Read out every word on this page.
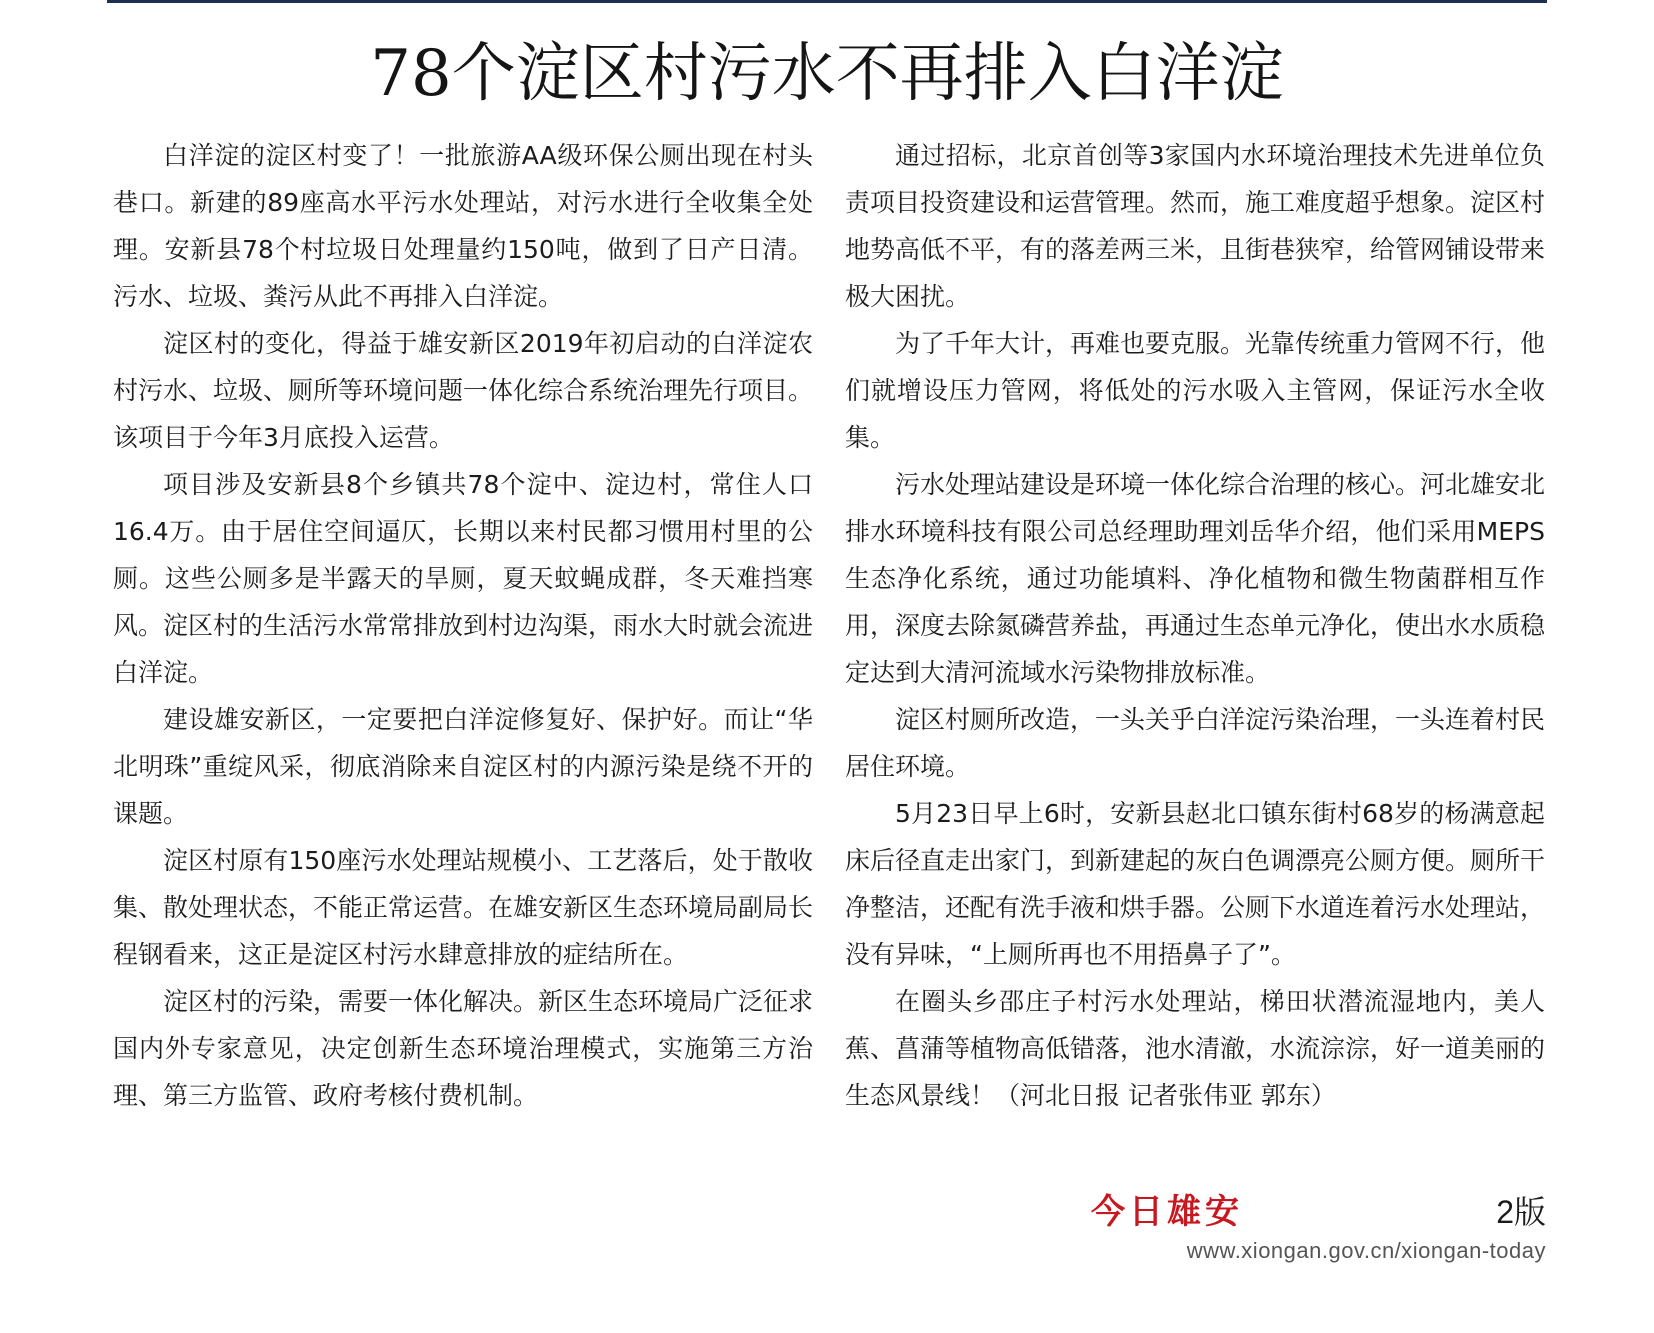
78个淀区村污水不再排入白洋淀

白洋淀的淀区村变了！一批旅游AA级环保公厕出现在村头巷口。新建的89座高水平污水处理站，对污水进行全收集全处理。安新县78个村垃圾日处理量约150吨，做到了日产日清。污水、垃圾、粪污从此不再排入白洋淀。

淀区村的变化，得益于雄安新区2019年初启动的白洋淀农村污水、垃圾、厕所等环境问题一体化综合系统治理先行项目。该项目于今年3月底投入运营。

项目涉及安新县8个乡镇共78个淀中、淀边村，常住人口16.4万。由于居住空间逼仄，长期以来村民都习惯用村里的公厕。这些公厕多是半露天的旱厕，夏天蚊蝇成群，冬天难挡寒风。淀区村的生活污水常常排放到村边沟渠，雨水大时就会流进白洋淀。

建设雄安新区，一定要把白洋淀修复好、保护好。而让“华北明珠”重绽风采，彻底消除来自淀区村的内源污染是绕不开的课题。

淀区村原有150座污水处理站规模小、工艺落后，处于散收集、散处理状态，不能正常运营。在雄安新区生态环境局副局长程钢看来，这正是淀区村污水肆意排放的症结所在。

淀区村的污染，需要一体化解决。新区生态环境局广泛征求国内外专家意见，决定创新生态环境治理模式，实施第三方治理、第三方监管、政府考核付费机制。

通过招标，北京首创等3家国内水环境治理技术先进单位负责项目投资建设和运营管理。然而，施工难度超乎想象。淀区村地势高低不平，有的落差两三米，且街巷狭窄，给管网铺设带来极大困扰。

为了千年大计，再难也要克服。光靠传统重力管网不行，他们就增设压力管网，将低处的污水吸入主管网，保证污水全收集。

污水处理站建设是环境一体化综合治理的核心。河北雄安北排水环境科技有限公司总经理助理刘岳华介绍，他们采用MEPS生态净化系统，通过功能填料、净化植物和微生物菌群相互作用，深度去除氮磷营养盐，再通过生态单元净化，使出水水质稳定达到大清河流域水污染物排放标准。

淀区村厕所改造，一头关乎白洋淀污染治理，一头连着村民居住环境。

5月23日早上6时，安新县赵北口镇东街村68岁的杨满意起床后径直走出家门，到新建起的灰白色调漂亮公厕方便。厕所干净整洁，还配有洗手液和烘手器。公厕下水道连着污水处理站，没有异味，“上厕所再也不用捂鼻子了”。

在圈头乡邵庄子村污水处理站，梯田状潜流湿地内，美人蕉、菖蒲等植物高低错落，池水清澈，水流淙淙，好一道美丽的生态风景线！（河北日报 记者张伟亚 郭东）

今日雄安	2版
www.xiongan.gov.cn/xiongan-today
